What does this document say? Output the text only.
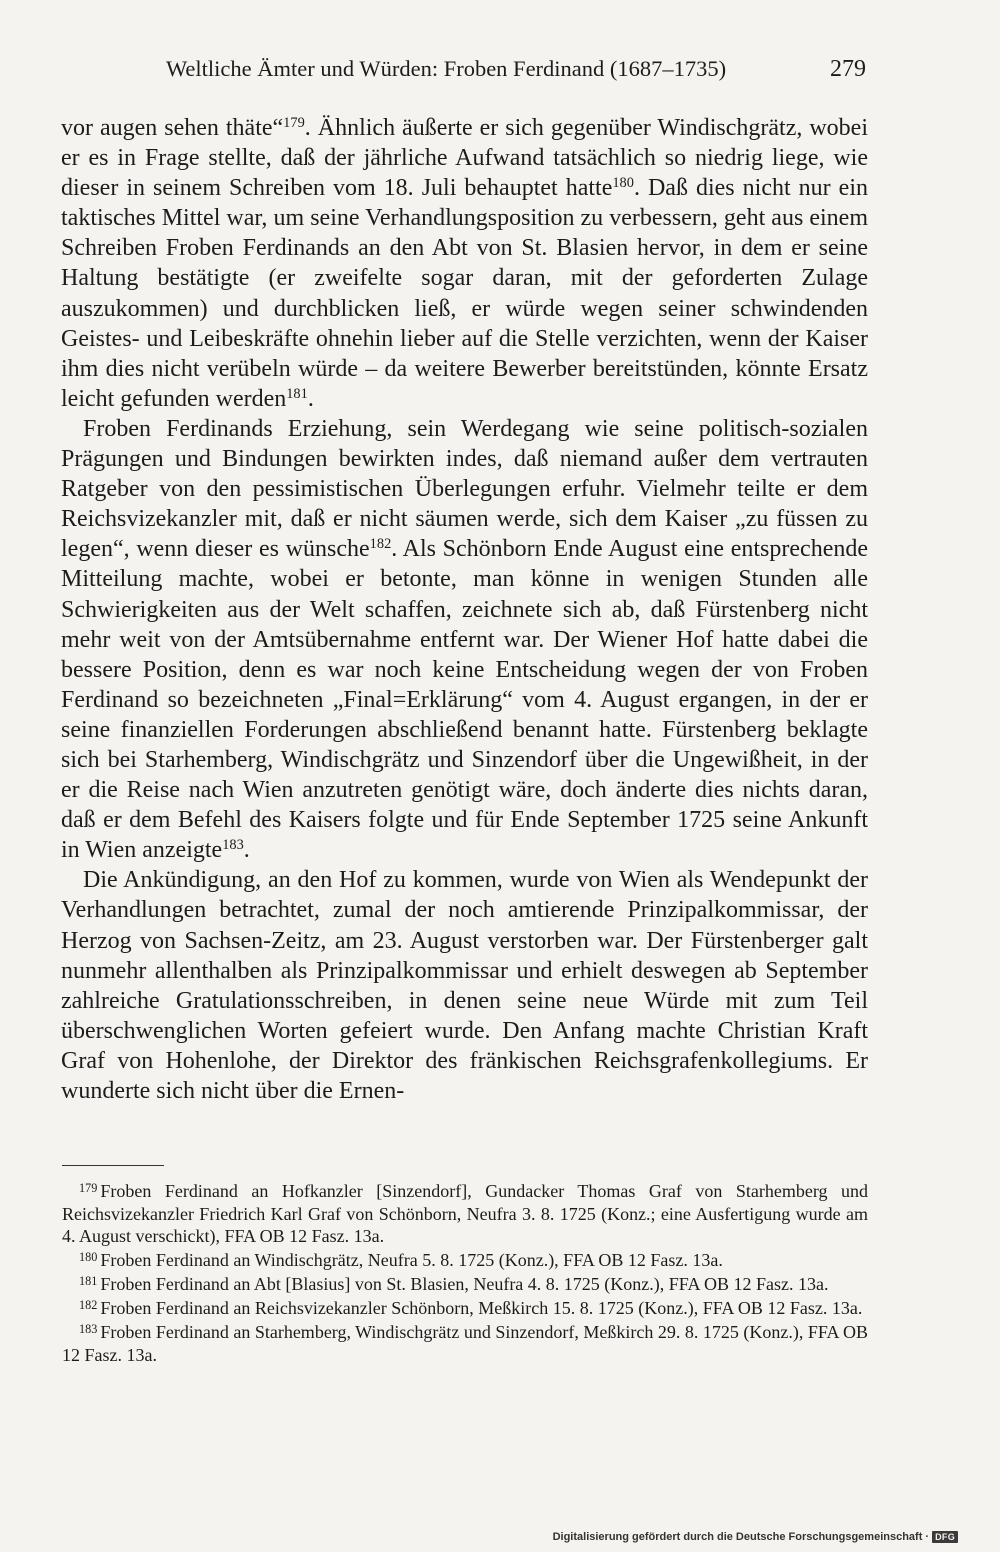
Weltliche Ämter und Würden: Froben Ferdinand (1687–1735)	279

vor augen sehen thäte“$^{179}$. Ähnlich äußerte er sich gegenüber Windischgrätz, wobei er es in Frage stellte, daß der jährliche Aufwand tatsächlich so niedrig liege, wie dieser in seinem Schreiben vom 18. Juli behauptet hatte$^{180}$. Daß dies nicht nur ein taktisches Mittel war, um seine Verhandlungsposition zu verbessern, geht aus einem Schreiben Froben Ferdinands an den Abt von St. Blasien hervor, in dem er seine Haltung bestätigte (er zweifelte sogar daran, mit der geforderten Zulage auszukommen) und durchblicken ließ, er würde wegen seiner schwindenden Geistes- und Leibeskräfte ohnehin lieber auf die Stelle verzichten, wenn der Kaiser ihm dies nicht verübeln würde – da weitere Bewerber bereitstünden, könnte Ersatz leicht gefunden werden$^{181}$.

Froben Ferdinands Erziehung, sein Werdegang wie seine politisch-sozialen Prägungen und Bindungen bewirkten indes, daß niemand außer dem vertrauten Ratgeber von den pessimistischen Überlegungen erfuhr. Vielmehr teilte er dem Reichsvizekanzler mit, daß er nicht säumen werde, sich dem Kaiser „zu füssen zu legen“, wenn dieser es wünsche$^{182}$. Als Schönborn Ende August eine entsprechende Mitteilung machte, wobei er betonte, man könne in wenigen Stunden alle Schwierigkeiten aus der Welt schaffen, zeichnete sich ab, daß Fürstenberg nicht mehr weit von der Amtsübernahme entfernt war. Der Wiener Hof hatte dabei die bessere Position, denn es war noch keine Entscheidung wegen der von Froben Ferdinand so bezeichneten „Final=Erklärung“ vom 4. August ergangen, in der er seine finanziellen Forderungen abschließend benannt hatte. Fürstenberg beklagte sich bei Starhemberg, Windischgrätz und Sinzendorf über die Ungewißheit, in der er die Reise nach Wien anzutreten genötigt wäre, doch änderte dies nichts daran, daß er dem Befehl des Kaisers folgte und für Ende September 1725 seine Ankunft in Wien anzeigte$^{183}$.

Die Ankündigung, an den Hof zu kommen, wurde von Wien als Wendepunkt der Verhandlungen betrachtet, zumal der noch amtierende Prinzipalkommissar, der Herzog von Sachsen-Zeitz, am 23. August verstorben war. Der Fürstenberger galt nunmehr allenthalben als Prinzipalkommissar und erhielt deswegen ab September zahlreiche Gratulationsschreiben, in denen seine neue Würde mit zum Teil überschwenglichen Worten gefeiert wurde. Den Anfang machte Christian Kraft Graf von Hohenlohe, der Direktor des fränkischen Reichsgrafenkollegiums. Er wunderte sich nicht über die Ernen-

$^{179}$ Froben Ferdinand an Hofkanzler [Sinzendorf], Gundacker Thomas Graf von Starhemberg und Reichsvizekanzler Friedrich Karl Graf von Schönborn, Neufra 3. 8. 1725 (Konz.; eine Ausfertigung wurde am 4. August verschickt), FFA OB 12 Fasz. 13a.
$^{180}$ Froben Ferdinand an Windischgrätz, Neufra 5. 8. 1725 (Konz.), FFA OB 12 Fasz. 13a.
$^{181}$ Froben Ferdinand an Abt [Blasius] von St. Blasien, Neufra 4. 8. 1725 (Konz.), FFA OB 12 Fasz. 13a.
$^{182}$ Froben Ferdinand an Reichsvizekanzler Schönborn, Meßkirch 15. 8. 1725 (Konz.), FFA OB 12 Fasz. 13a.
$^{183}$ Froben Ferdinand an Starhemberg, Windischgrätz und Sinzendorf, Meßkirch 29. 8. 1725 (Konz.), FFA OB 12 Fasz. 13a.
Digitalisierung gefördert durch die Deutsche Forschungsgemeinschaft · DFG
